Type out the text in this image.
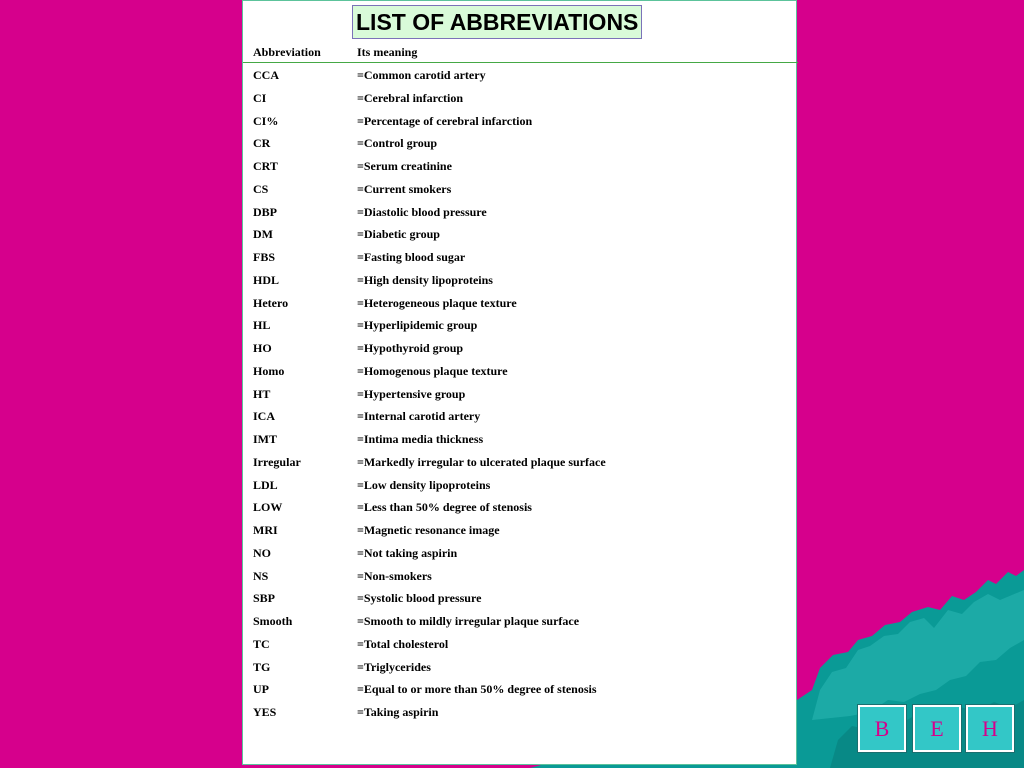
LIST OF ABBREVIATIONS
Abbreviation	Its meaning
CCA	=Common carotid artery
CI	=Cerebral infarction
CI%	=Percentage of cerebral infarction
CR	=Control group
CRT	=Serum creatinine
CS	=Current smokers
DBP	=Diastolic blood pressure
DM	=Diabetic group
FBS	=Fasting blood sugar
HDL	=High density lipoproteins
Hetero	=Heterogeneous plaque texture
HL	=Hyperlipidemic group
HO	=Hypothyroid group
Homo	=Homogenous plaque texture
HT	=Hypertensive group
ICA	=Internal carotid artery
IMT	=Intima media thickness
Irregular	=Markedly irregular to ulcerated plaque surface
LDL	=Low density lipoproteins
LOW	=Less than 50% degree of stenosis
MRI	=Magnetic resonance image
NO	=Not taking aspirin
NS	=Non-smokers
SBP	=Systolic blood pressure
Smooth	=Smooth to mildly irregular plaque surface
TC	=Total cholesterol
TG	=Triglycerides
UP	=Equal to or more than 50% degree of stenosis
YES	=Taking aspirin
B	E	H
